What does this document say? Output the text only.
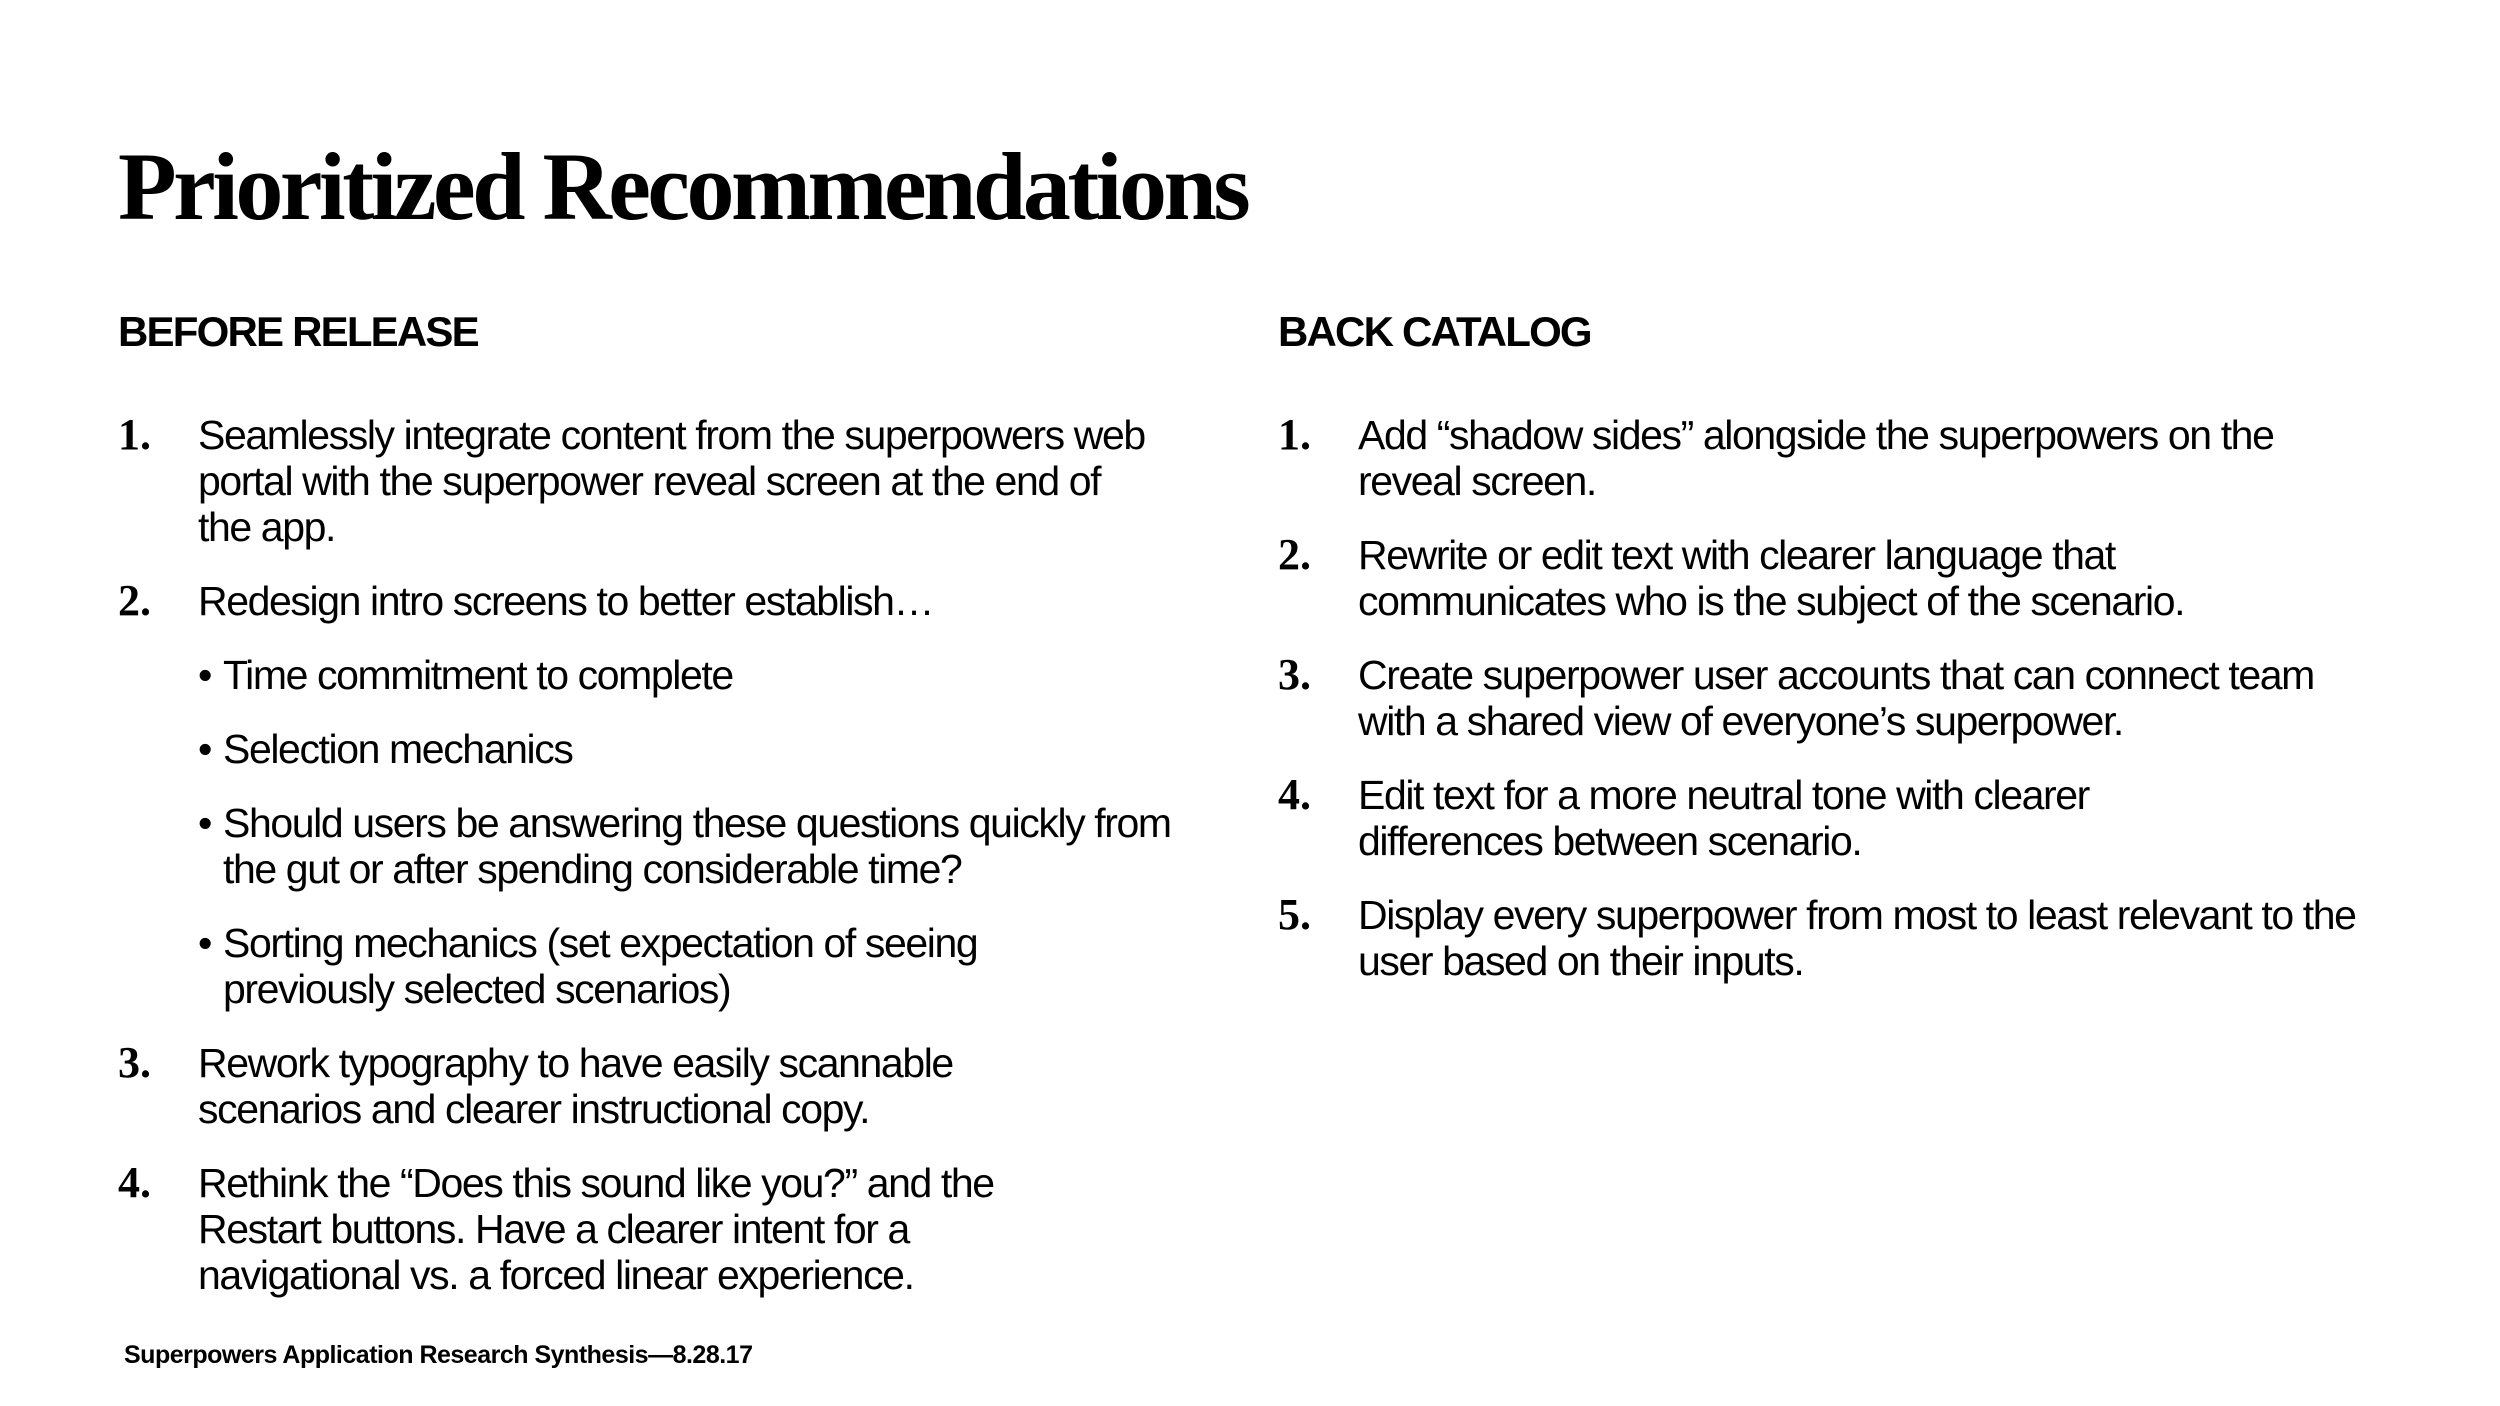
Prioritized Recommendations
BEFORE RELEASE
1. Seamlessly integrate content from the superpowers web portal with the superpower reveal screen at the end of the app.
2. Redesign intro screens to better establish…
• Time commitment to complete
• Selection mechanics
• Should users be answering these questions quickly from the gut or after spending considerable time?
• Sorting mechanics (set expectation of seeing previously selected scenarios)
3. Rework typography to have easily scannable scenarios and clearer instructional copy.
4. Rethink the “Does this sound like you?” and the Restart buttons. Have a clearer intent for a navigational vs. a forced linear experience.
BACK CATALOG
1. Add “shadow sides” alongside the superpowers on the reveal screen.
2. Rewrite or edit text with clearer language that communicates who is the subject of the scenario.
3. Create superpower user accounts that can connect team with a shared view of everyone’s superpower.
4. Edit text for a more neutral tone with clearer differences between scenario.
5. Display every superpower from most to least relevant to the user based on their inputs.

Superpowers Application Research Synthesis—8.28.17
